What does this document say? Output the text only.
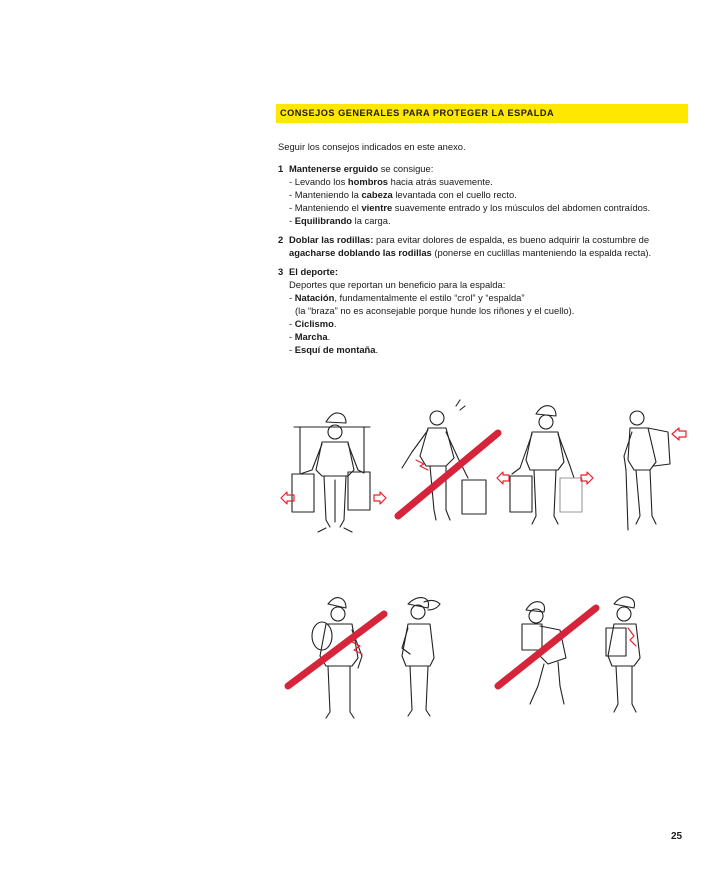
CONSEJOS GENERALES PARA PROTEGER LA ESPALDA
Seguir los consejos indicados en este anexo.
1 Mantenerse erguido se consigue:
- Levando los hombros hacia atrás suavemente.
- Manteniendo la cabeza levantada con el cuello recto.
- Manteniendo el vientre suavemente entrado y los músculos del abdomen contraídos.
- Equilibrando la carga.
2 Doblar las rodillas: para evitar dolores de espalda, es bueno adquirir la costumbre de
agacharse doblando las rodillas (ponerse en cuclillas manteniendo la espalda recta).
3 El deporte:
Deportes que reportan un beneficio para la espalda:
- Natación, fundamentalmente el estilo “crol” y “espalda”
(la “braza” no es aconsejable porque hunde los riñones y el cuello).
- Ciclismo.
- Marcha.
- Esquí de montaña.
25
